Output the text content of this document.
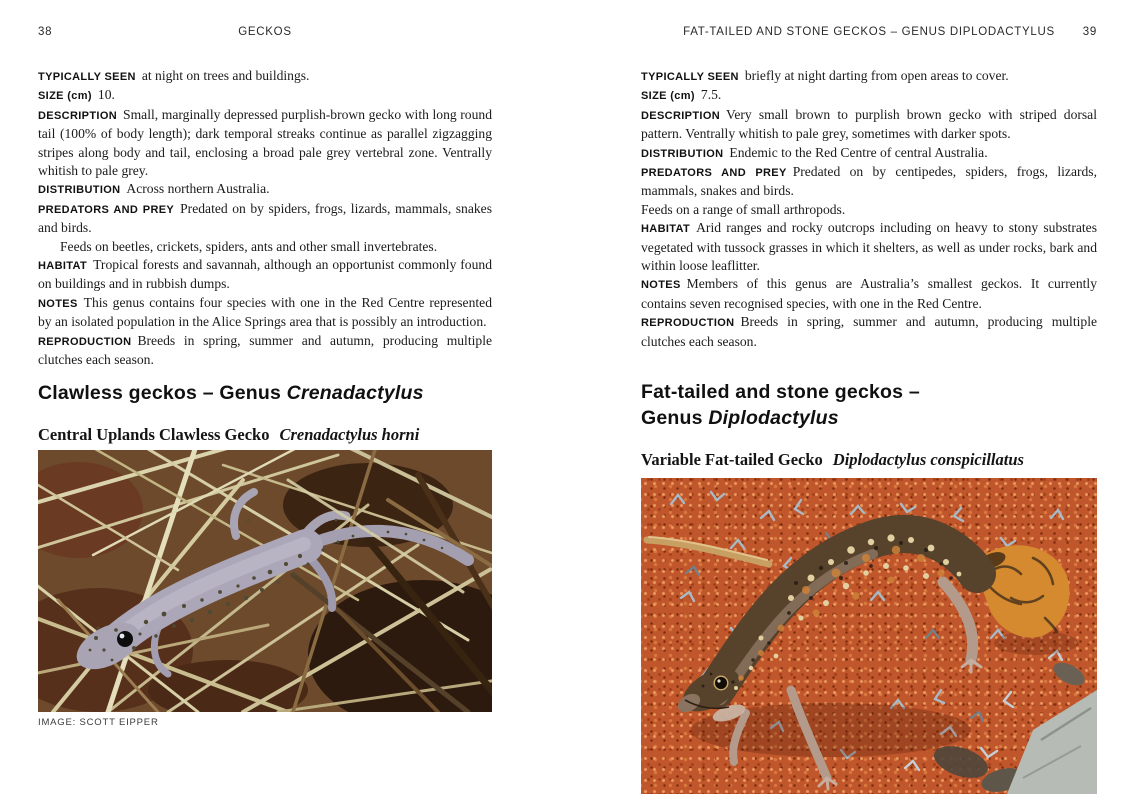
38	GECKOS

TYPICALLY SEEN at night on trees and buildings.

SIZE (cm) 10.

DESCRIPTION Small, marginally depressed purplish-brown gecko with long round tail (100% of body length); dark temporal streaks continue as parallel zigzagging stripes along body and tail, enclosing a broad pale grey vertebral zone. Ventrally whitish to pale grey.

DISTRIBUTION Across northern Australia.

PREDATORS AND PREY Predated on by spiders, frogs, lizards, mammals, snakes and birds.

Feeds on beetles, crickets, spiders, ants and other small invertebrates.

HABITAT Tropical forests and savannah, although an opportunist commonly found on buildings and in rubbish dumps.

NOTES This genus contains four species with one in the Red Centre represented by an isolated population in the Alice Springs area that is possibly an introduction.

REPRODUCTION Breeds in spring, summer and autumn, producing multiple clutches each season.

Clawless geckos – Genus Crenadactylus
Central Uplands Clawless Gecko Crenadactylus horni
IMAGE: SCOTT EIPPER
FAT-TAILED AND STONE GECKOS – GENUS DIPLODACTYLUS	39

TYPICALLY SEEN briefly at night darting from open areas to cover.

SIZE (cm) 7.5.

DESCRIPTION Very small brown to purplish brown gecko with striped dorsal pattern. Ventrally whitish to pale grey, sometimes with darker spots.

DISTRIBUTION Endemic to the Red Centre of central Australia.

PREDATORS AND PREY Predated on by centipedes, spiders, frogs, lizards, mammals, snakes and birds.

Feeds on a range of small arthropods.

HABITAT Arid ranges and rocky outcrops including on heavy to stony substrates vegetated with tussock grasses in which it shelters, as well as under rocks, bark and within loose leaflitter.

NOTES Members of this genus are Australia’s smallest geckos. It currently contains seven recognised species, with one in the Red Centre.

REPRODUCTION Breeds in spring, summer and autumn, producing multiple clutches each season.

Fat-tailed and stone geckos –
Genus Diplodactylus
Variable Fat-tailed Gecko Diplodactylus conspicillatus
